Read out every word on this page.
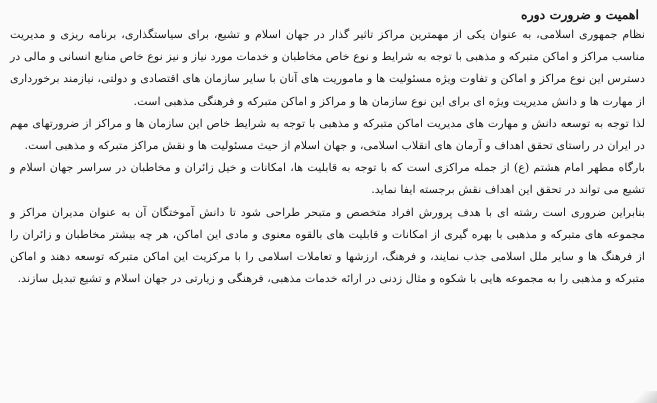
اهمیت و ضرورت دوره

نظام جمهوری اسلامی، به عنوان یکی از مهمترین مراکز تاثیر گذار در جهان اسلام و تشیع، برای سیاستگذاری، برنامه ریزی و مدیریت مناسب مراکز و اماکن متبرکه و مذهبی با توجه به شرایط و نوع خاص مخاطبان و خدمات مورد نیاز و نیز نوع خاص منابع انسانی و مالی در دسترس این نوع مراکز و اماکن و تفاوت ویژه مسئولیت ها و ماموریت های آنان با سایر سازمان های اقتصادی و دولتی، نیازمند برخورداری از مهارت ها و دانش مدیریت ویژه ای برای این نوع سازمان ها و مراکز و اماکن متبرکه و فرهنگی مذهبی است.

لذا توجه به توسعه دانش و مهارت های مدیریت اماکن متبرکه و مذهبی با توجه به شرایط خاص این سازمان ها و مراکز از ضرورتهای مهم در ایران در راستای تحقق اهداف و آرمان های انقلاب اسلامی، و جهان اسلام از حیث مسئولیت ها و نقش مراکز متبرکه و مذهبی است.

بارگاه مطهر امام هشتم (ع) از جمله مراکزی است که با توجه به قابلیت ها، امکانات و خیل زائران و مخاطبان در سراسر جهان اسلام و تشیع می تواند در تحقق این اهداف نقش برجسته ایفا نماید.

بنابراین ضروری است رشته ای با هدف پرورش افراد متخصص و متبحر طراحی شود تا دانش آموختگان آن به عنوان مدیران مراکز و مجموعه های متبرکه و مذهبی با بهره گیری از امکانات و قابلیت های بالقوه معنوی و مادی این اماکن، هر چه بیشتر مخاطبان و زائران را از فرهنگ ها و سایر ملل اسلامی جذب نمایند، و فرهنگ، ارزشها و تعاملات اسلامی را با مرکزیت این اماکن متبرکه توسعه دهند و اماکن متبرکه و مذهبی را به مجموعه هایی با شکوه و مثال زدنی در ارائه خدمات مذهبی، فرهنگی و زیارتی در جهان اسلام و تشیع تبدیل سازند.
